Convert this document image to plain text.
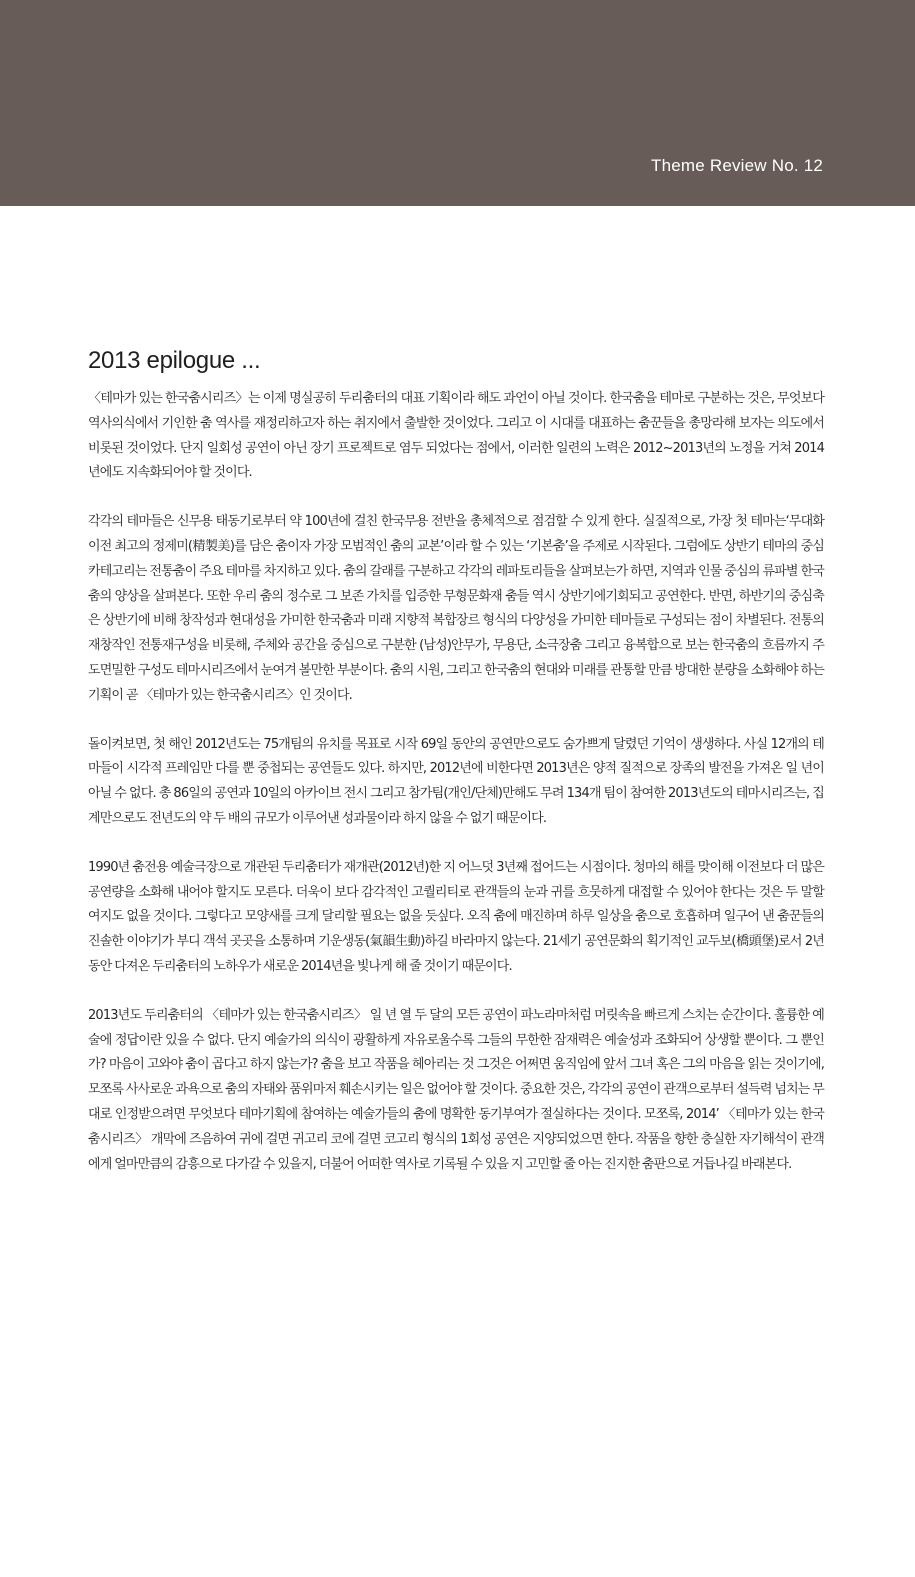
Theme Review No. 12
2013 epilogue ...

〈테마가 있는 한국춤시리즈〉는 이제 명실공히 두리춤터의 대표 기획이라 해도 과언이 아닐 것이다. 한국춤을 테마로 구분하는 것은, 무엇보다 역사의식에서 기인한 춤 역사를 재정리하고자 하는 취지에서 출발한 것이었다. 그리고 이 시대를 대표하는 춤꾼들을 총망라해 보자는 의도에서 비롯된 것이었다. 단지 일회성 공연이 아닌 장기 프로젝트로 염두 되었다는 점에서, 이러한 일련의 노력은 2012~2013년의 노정을 거쳐 2014년에도 지속화되어야 할 것이다.

각각의 테마들은 신무용 태동기로부터 약 100년에 걸친 한국무용 전반을 총체적으로 점검할 수 있게 한다. 실질적으로, 가장 첫 테마는‘무대화 이전 최고의 정제미(精製美)를 담은 춤이자 가장 모범적인 춤의 교본’이라 할 수 있는 ‘기본춤’을 주제로 시작된다. 그럼에도 상반기 테마의 중심 카테고리는 전통춤이 주요 테마를 차지하고 있다. 춤의 갈래를 구분하고 각각의 레파토리들을 살펴보는가 하면, 지역과 인물 중심의 류파별 한국춤의 양상을 살펴본다. 또한 우리 춤의 정수로 그 보존 가치를 입증한 무형문화재 춤들 역시 상반기에기회되고 공연한다. 반면, 하반기의 중심축은 상반기에 비해 창작성과 현대성을 가미한 한국춤과 미래 지향적 복합장르 형식의 다양성을 가미한 테마들로 구성되는 점이 차별된다. 전통의 재창작인 전통재구성을 비롯해, 주체와 공간을 중심으로 구분한 (남성)안무가, 무용단, 소극장춤 그리고 융복합으로 보는 한국춤의 흐름까지 주도면밀한 구성도 테마시리즈에서 눈여겨 볼만한 부분이다. 춤의 시원, 그리고 한국춤의 현대와 미래를 관통할 만큼 방대한 분량을 소화해야 하는 기획이 곧 〈테마가 있는 한국춤시리즈〉인 것이다.

돌이켜보면, 첫 해인 2012년도는 75개팀의 유치를 목표로 시작 69일 동안의 공연만으로도 숨가쁘게 달렸던 기억이 생생하다. 사실 12개의 테마들이 시각적 프레임만 다를 뿐 중첩되는 공연들도 있다. 하지만, 2012년에 비한다면 2013년은 양적 질적으로 장족의 발전을 가져온 일 년이 아닐 수 없다. 총 86일의 공연과 10일의 아카이브 전시 그리고 참가팀(개인/단체)만해도 무려 134개 팀이 참여한 2013년도의 테마시리즈는, 집계만으로도 전년도의 약 두 배의 규모가 이루어낸 성과물이라 하지 않을 수 없기 때문이다.

1990년 춤전용 예술극장으로 개관된 두리춤터가 재개관(2012년)한 지 어느덧 3년째 접어드는 시점이다. 청마의 해를 맞이해 이전보다 더 많은 공연량을 소화해 내어야 할지도 모른다. 더욱이 보다 감각적인 고퀄리티로 관객들의 눈과 귀를 흐뭇하게 대접할 수 있어야 한다는 것은 두 말할 여지도 없을 것이다. 그렇다고 모양새를 크게 달리할 필요는 없을 듯싶다. 오직 춤에 매진하며 하루 일상을 춤으로 호흡하며 일구어 낸 춤꾼들의 진솔한 이야기가 부디 객석 곳곳을 소통하며 기운생동(氣韻生動)하길 바라마지 않는다. 21세기 공연문화의 획기적인 교두보(橋頭堡)로서 2년 동안 다져온 두리춤터의 노하우가 새로운 2014년을 빛나게 해 줄 것이기 때문이다.

2013년도 두리춤터의 〈테마가 있는 한국춤시리즈〉 일 년 열 두 달의 모든 공연이 파노라마처럼 머릿속을 빠르게 스치는 순간이다. 훌륭한 예술에 정답이란 있을 수 없다. 단지 예술가의 의식이 광활하게 자유로울수록 그들의 무한한 잠재력은 예술성과 조화되어 상생할 뿐이다. 그 뿐인가? 마음이 고와야 춤이 곱다고 하지 않는가? 춤을 보고 작품을 헤아리는 것 그것은 어쩌면 움직임에 앞서 그녀 혹은 그의 마음을 읽는 것이기에, 모쪼록 사사로운 과욕으로 춤의 자태와 품위마저 훼손시키는 일은 없어야 할 것이다. 중요한 것은, 각각의 공연이 관객으로부터 설득력 넘치는 무대로 인정받으려면 무엇보다 테마기획에 참여하는 예술가들의 춤에 명확한 동기부여가 절실하다는 것이다. 모쪼록, 2014’ 〈테마가 있는 한국춤시리즈〉 개막에 즈음하여 귀에 걸면 귀고리 코에 걸면 코고리 형식의 1회성 공연은 지양되었으면 한다. 작품을 향한 충실한 자기해석이 관객에게 얼마만큼의 감흥으로 다가갈 수 있을지, 더불어 어떠한 역사로 기록될 수 있을 지 고민할 줄 아는 진지한 춤판으로 거듭나길 바래본다.
